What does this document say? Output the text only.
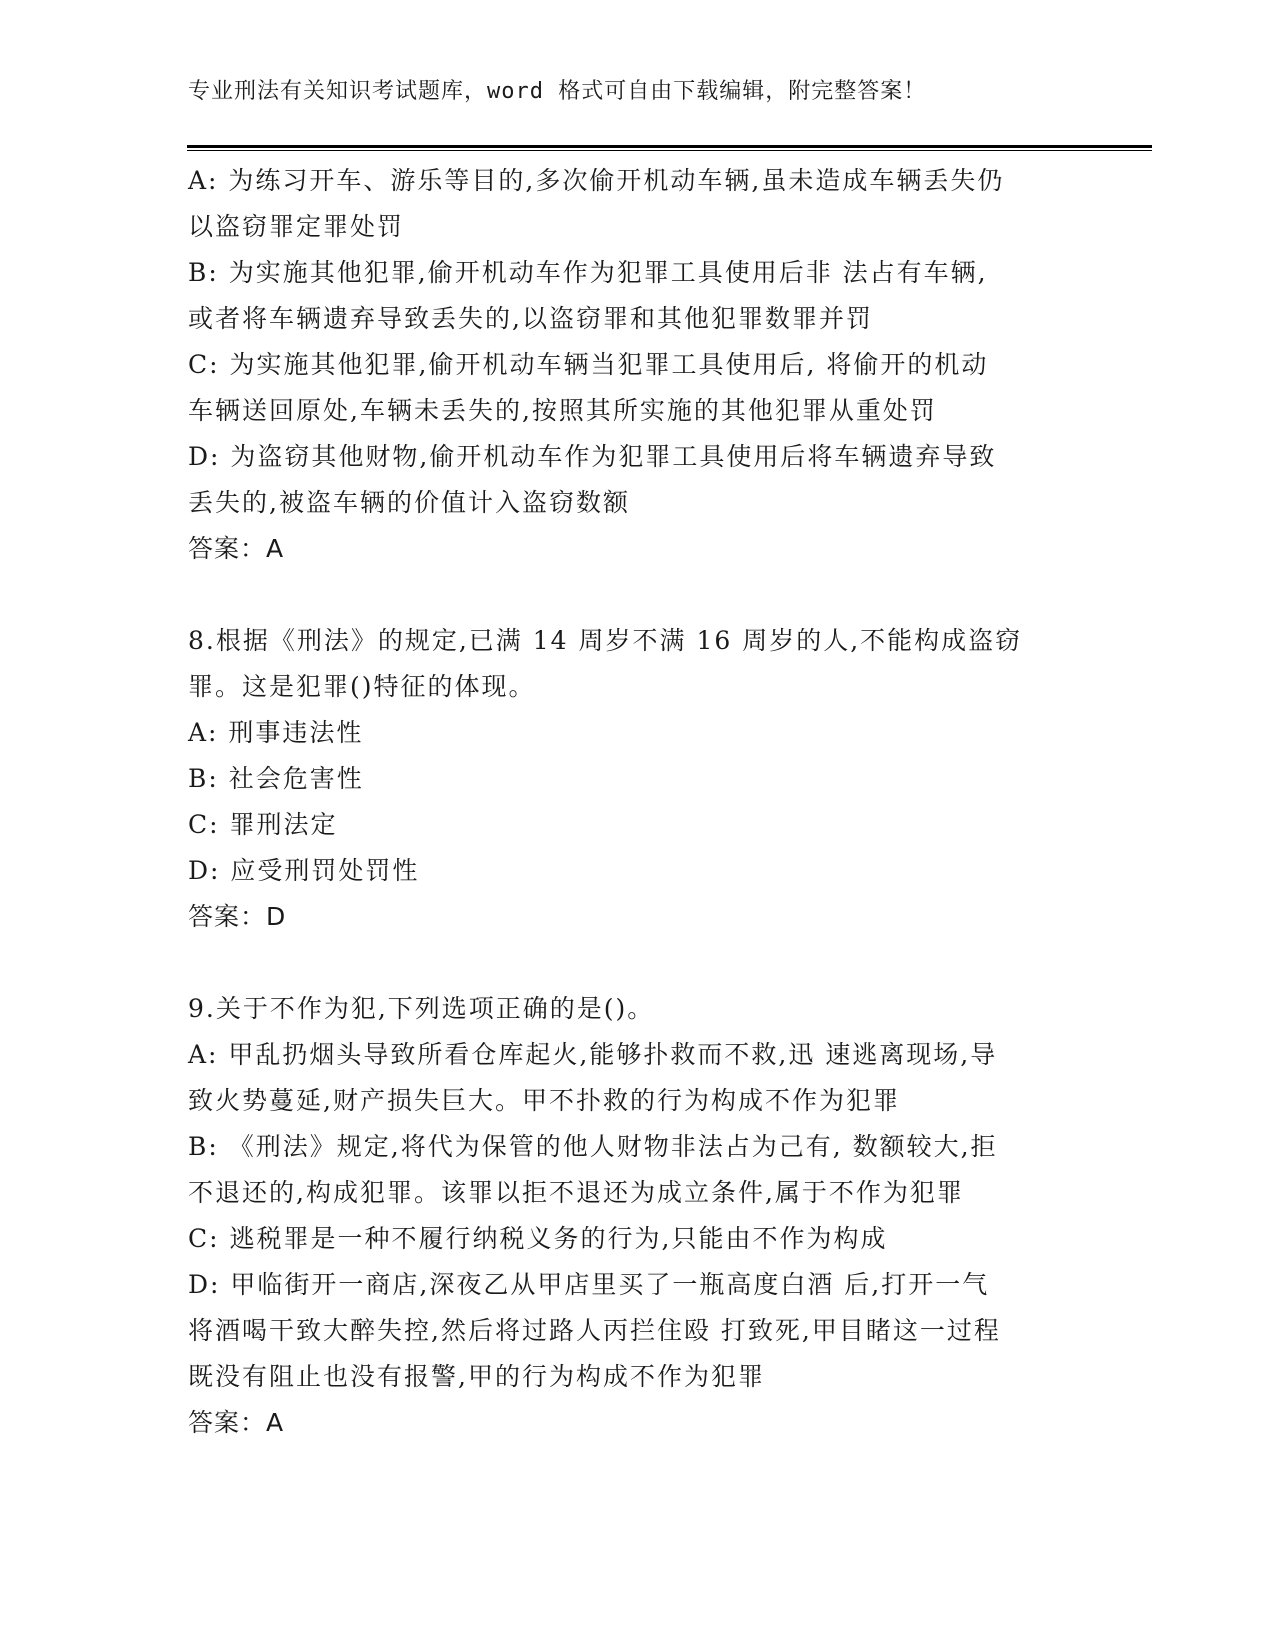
专业刑法有关知识考试题库，word 格式可自由下载编辑，附完整答案！
A: 为练习开车、游乐等目的,多次偷开机动车辆,虽未造成车辆丢失仍
以盗窃罪定罪处罚
B: 为实施其他犯罪,偷开机动车作为犯罪工具使用后非 法占有车辆,
或者将车辆遗弃导致丢失的,以盗窃罪和其他犯罪数罪并罚
C: 为实施其他犯罪,偷开机动车辆当犯罪工具使用后, 将偷开的机动
车辆送回原处,车辆未丢失的,按照其所实施的其他犯罪从重处罚
D: 为盗窃其他财物,偷开机动车作为犯罪工具使用后将车辆遗弃导致
丢失的,被盗车辆的价值计入盗窃数额
答案：A
8.根据《刑法》的规定,已满 14 周岁不满 16 周岁的人,不能构成盗窃
罪。这是犯罪()特征的体现。
A: 刑事违法性
B: 社会危害性
C: 罪刑法定
D: 应受刑罚处罚性
答案：D
9.关于不作为犯,下列选项正确的是()。
A: 甲乱扔烟头导致所看仓库起火,能够扑救而不救,迅 速逃离现场,导
致火势蔓延,财产损失巨大。甲不扑救的行为构成不作为犯罪
B: 《刑法》规定,将代为保管的他人财物非法占为己有, 数额较大,拒
不退还的,构成犯罪。该罪以拒不退还为成立条件,属于不作为犯罪
C: 逃税罪是一种不履行纳税义务的行为,只能由不作为构成
D: 甲临街开一商店,深夜乙从甲店里买了一瓶高度白酒 后,打开一气
将酒喝干致大醉失控,然后将过路人丙拦住殴 打致死,甲目睹这一过程
既没有阻止也没有报警,甲的行为构成不作为犯罪
答案：A
